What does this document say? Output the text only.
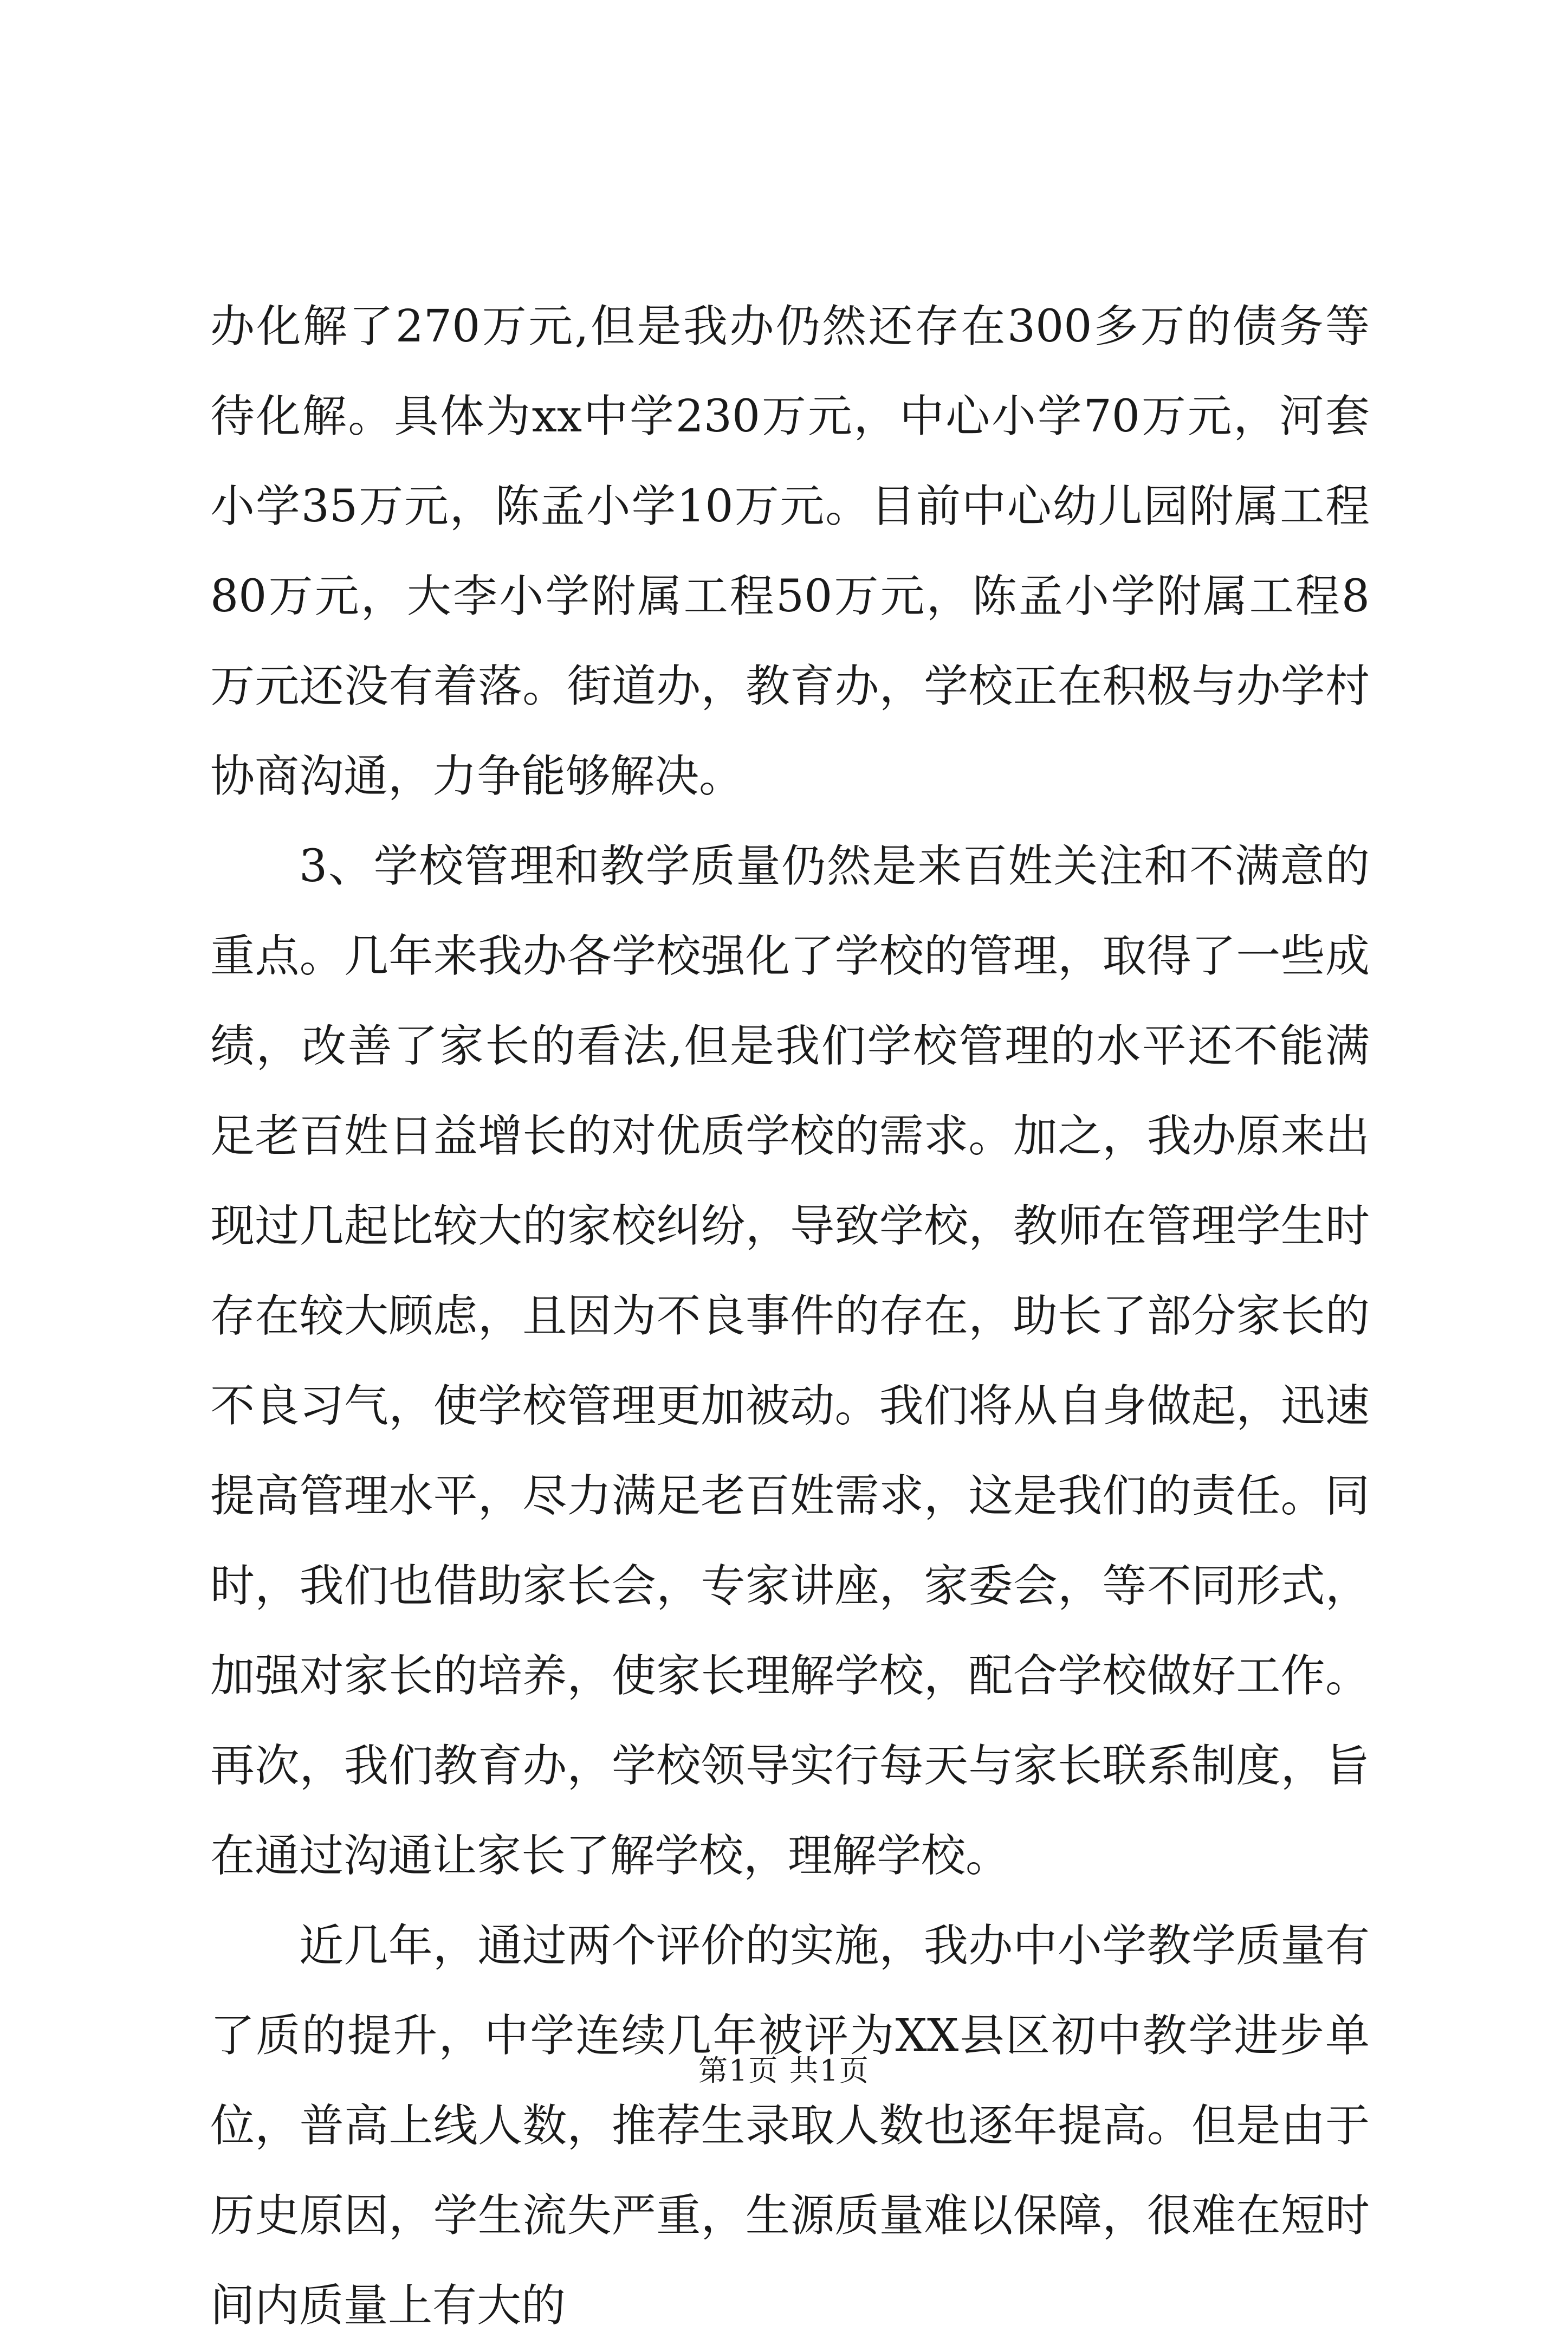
办化解了270万元,但是我办仍然还存在300多万的债务等待化解。具体为xx中学230万元，中心小学70万元，河套小学35万元，陈孟小学10万元。目前中心幼儿园附属工程80万元，大李小学附属工程50万元，陈孟小学附属工程8万元还没有着落。街道办，教育办，学校正在积极与办学村协商沟通，力争能够解决。

3、学校管理和教学质量仍然是来百姓关注和不满意的重点。几年来我办各学校强化了学校的管理，取得了一些成绩，改善了家长的看法,但是我们学校管理的水平还不能满足老百姓日益增长的对优质学校的需求。加之，我办原来出现过几起比较大的家校纠纷，导致学校，教师在管理学生时存在较大顾虑，且因为不良事件的存在，助长了部分家长的不良习气，使学校管理更加被动。我们将从自身做起，迅速提高管理水平，尽力满足老百姓需求，这是我们的责任。同时，我们也借助家长会，专家讲座，家委会，等不同形式，加强对家长的培养，使家长理解学校，配合学校做好工作。再次，我们教育办，学校领导实行每天与家长联系制度，旨在通过沟通让家长了解学校，理解学校。

近几年，通过两个评价的实施，我办中小学教学质量有了质的提升，中学连续几年被评为XX县区初中教学进步单位，普高上线人数，推荐生录取人数也逐年提高。但是由于历史原因，学生流失严重，生源质量难以保障，很难在短时间内质量上有大的

第1页 共1页
